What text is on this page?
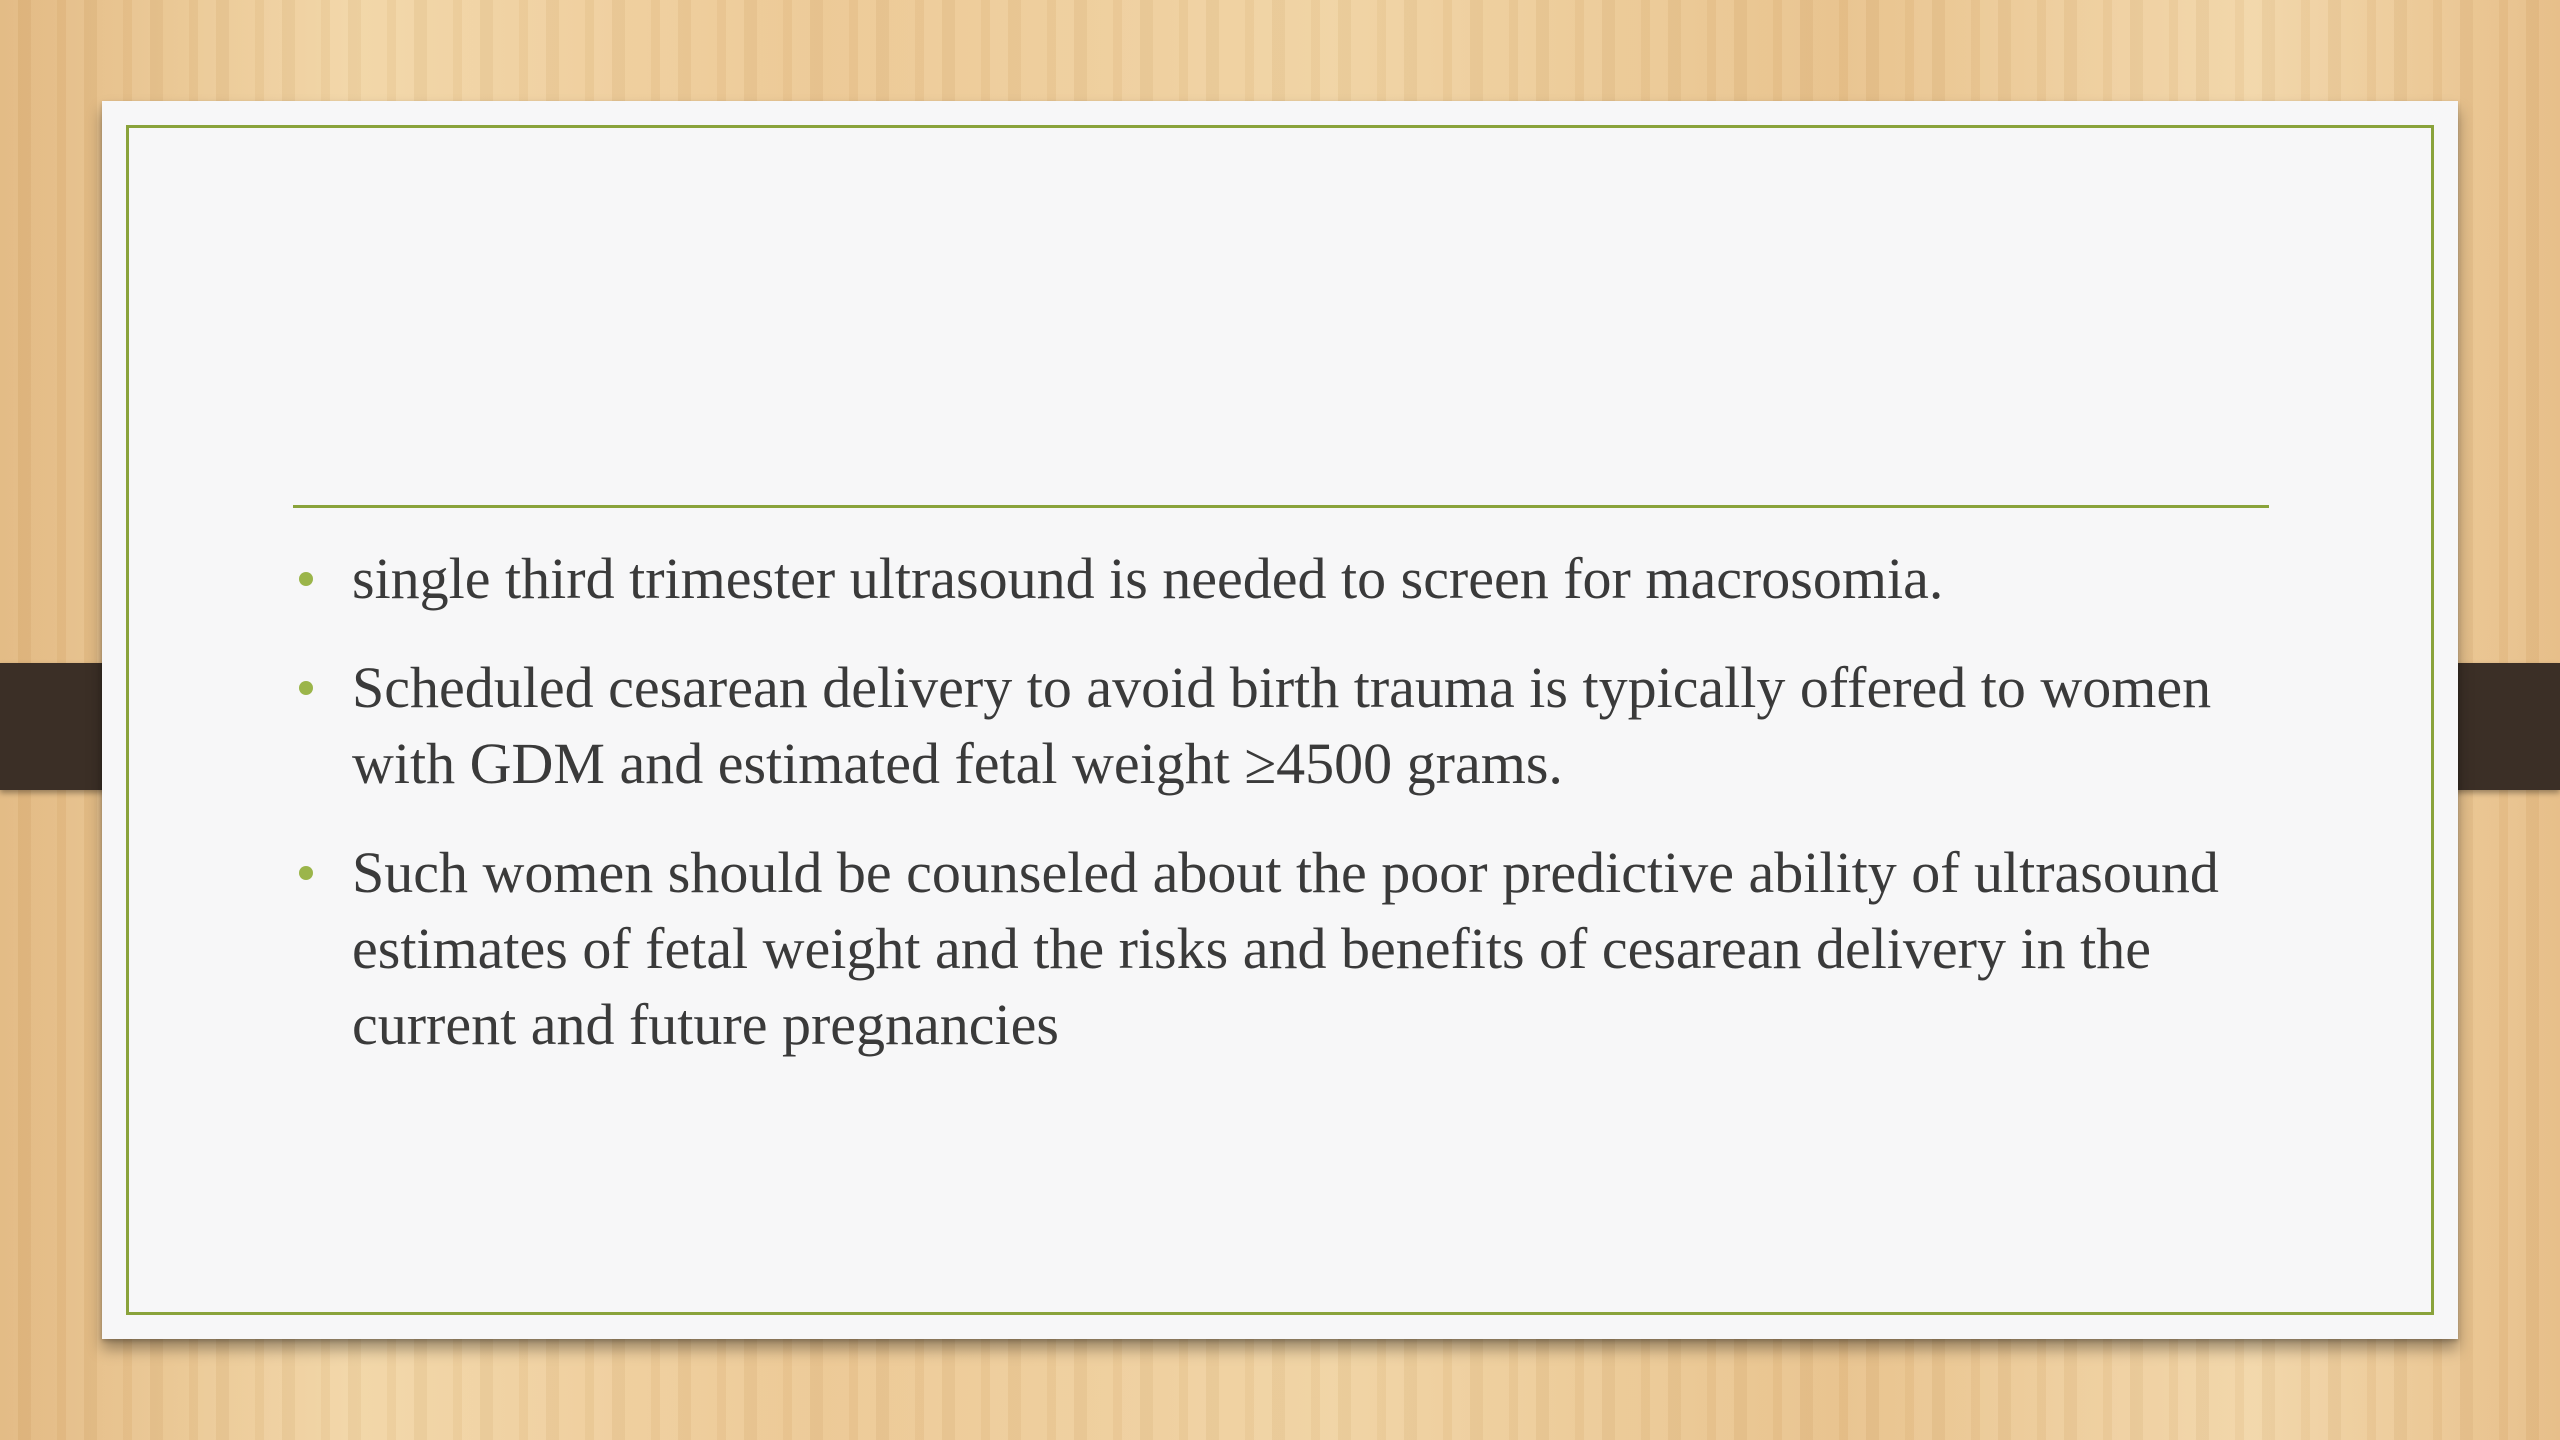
single third trimester ultrasound is needed to screen for macrosomia.
Scheduled cesarean delivery to avoid birth trauma is typically offered to women with GDM and estimated fetal weight ≥4500 grams.
Such women should be counseled about the poor predictive ability of ultrasound estimates of fetal weight and the risks and benefits of cesarean delivery in the current and future pregnancies
